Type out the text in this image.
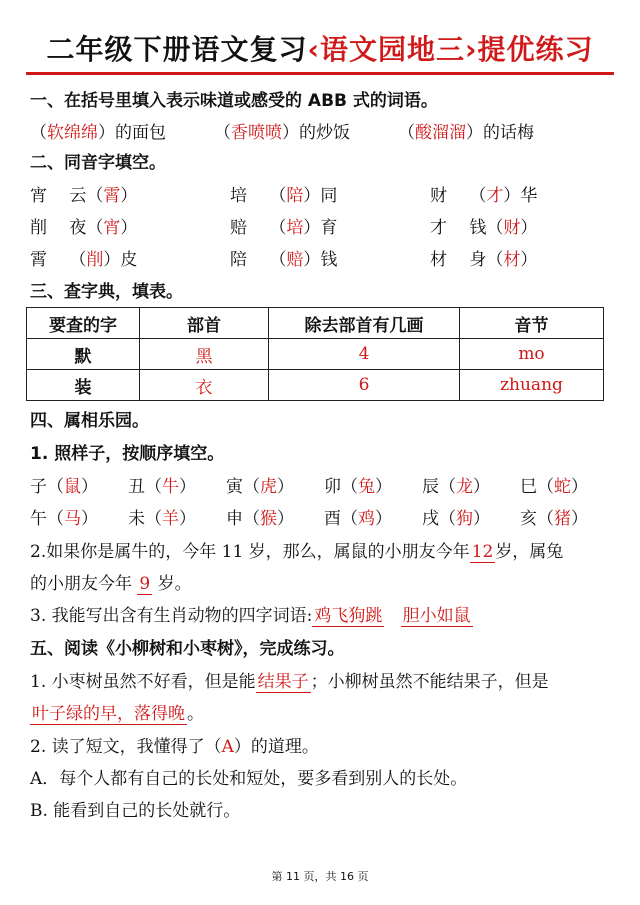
二年级下册语文复习‹语文园地三›提优练习
一、在括号里填入表示味道或感受的 ABB 式的词语。
（软绵绵）的面包	（香喷喷）的炒饭	（酸溜溜）的话梅
二、同音字填空。
宵　 云（霄）	培　 （陪）同	财　 （才）华
削　 夜（宵）	赔　 （培）育	才　 钱（财）
霄　 （削）皮	陪　 （赔）钱	材　 身（材）
三、查字典，填表。
要查的字	部首	除去部首有几画	音节
默	黑	4	mo
装	衣	6	zhuang
四、属相乐园。
1. 照样子，按顺序填空。
子（鼠） 丑（牛） 寅（虎） 卯（兔） 辰（龙） 巳（蛇）
午（马） 未（羊） 申（猴） 酉（鸡） 戌（狗） 亥（猪）
2.如果你是属牛的，今年 11 岁，那么，属鼠的小朋友今年 12 岁，属兔
的小朋友今年 9 岁。
3. 我能写出含有生肖动物的四字词语: 鸡飞狗跳 胆小如鼠
五、阅读《小柳树和小枣树》，完成练习。
1. 小枣树虽然不好看，但是能 结果子 ；小柳树虽然不能结果子，但是
叶子绿的早，落得晚 。
2. 读了短文，我懂得了（A）的道理。
A．每个人都有自己的长处和短处，要多看到别人的长处。
B. 能看到自己的长处就行。
第 11 页，共 16 页
